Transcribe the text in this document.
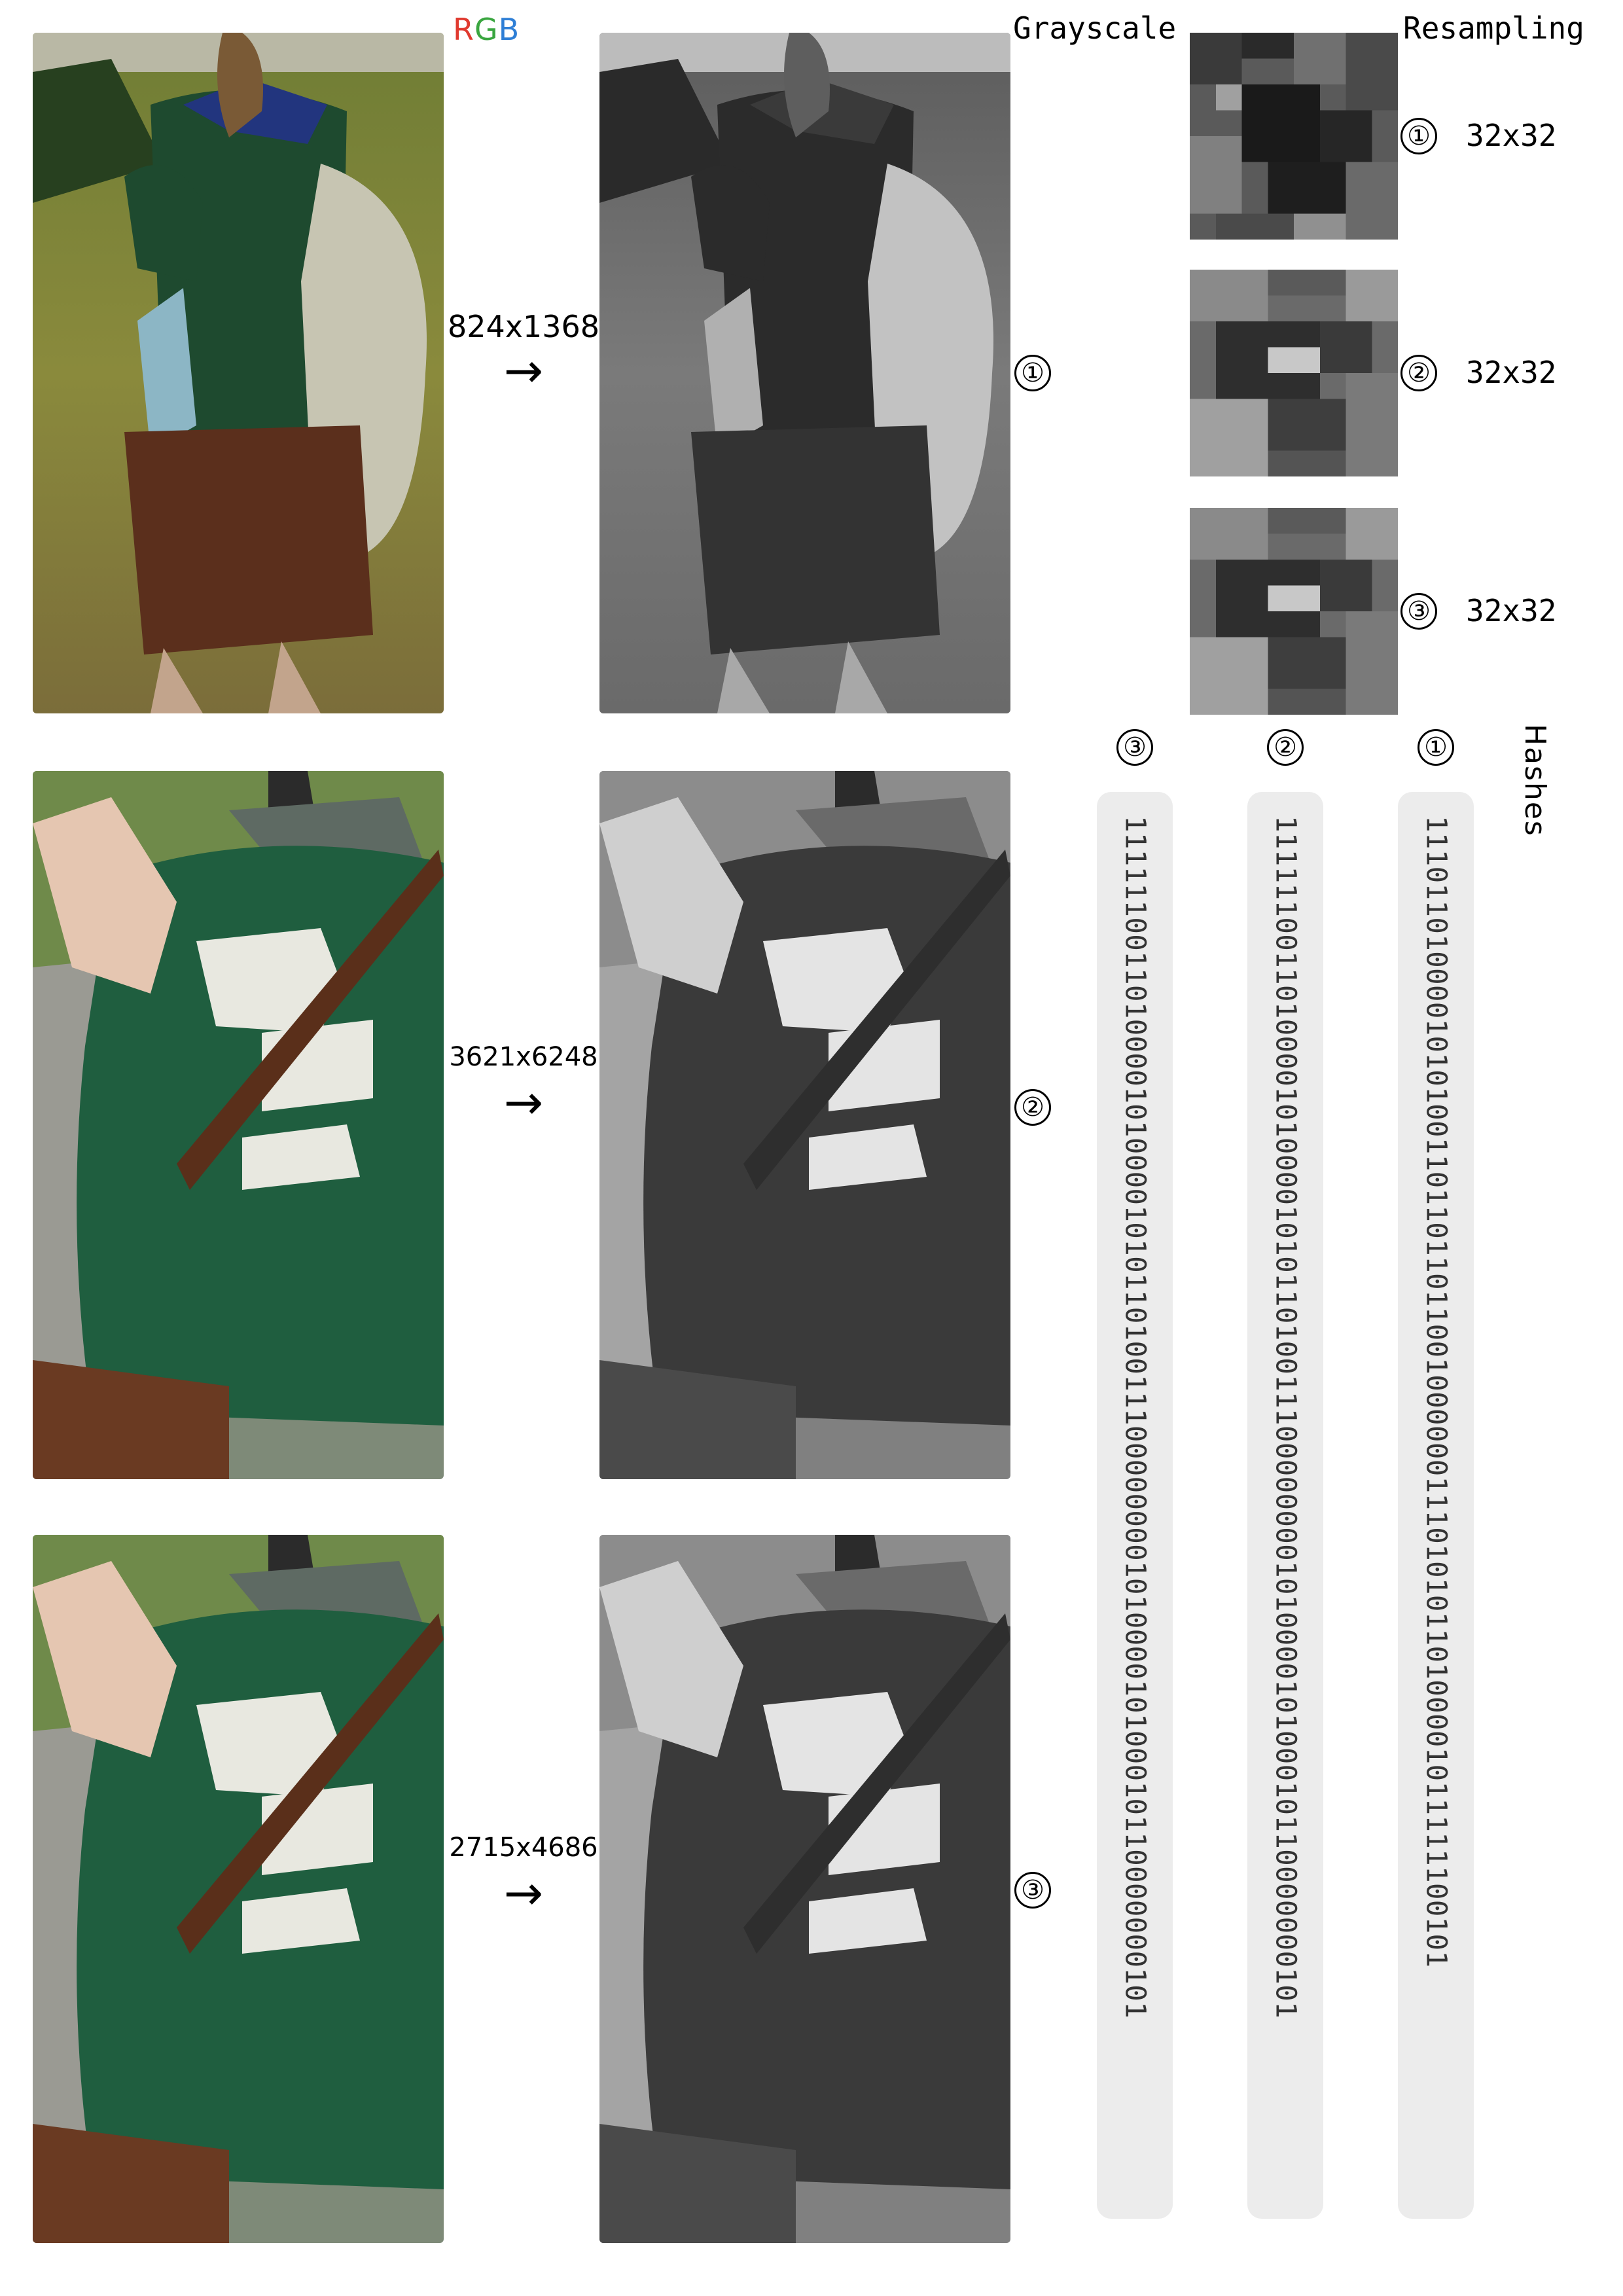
RGB	Grayscale	Resampling
824x1368
→	①
3621x6248
→	②
2715x4686
→	③
① 32x32
② 32x32
③ 32x32
Hashes
③	②	①
11111100110100001010000101011010011100000000101000010100010110000000101	11111100110100001010000101011010011100000000101000010100010110000000101	11101101000010101001101101101100100000011101010110100001011111100101
